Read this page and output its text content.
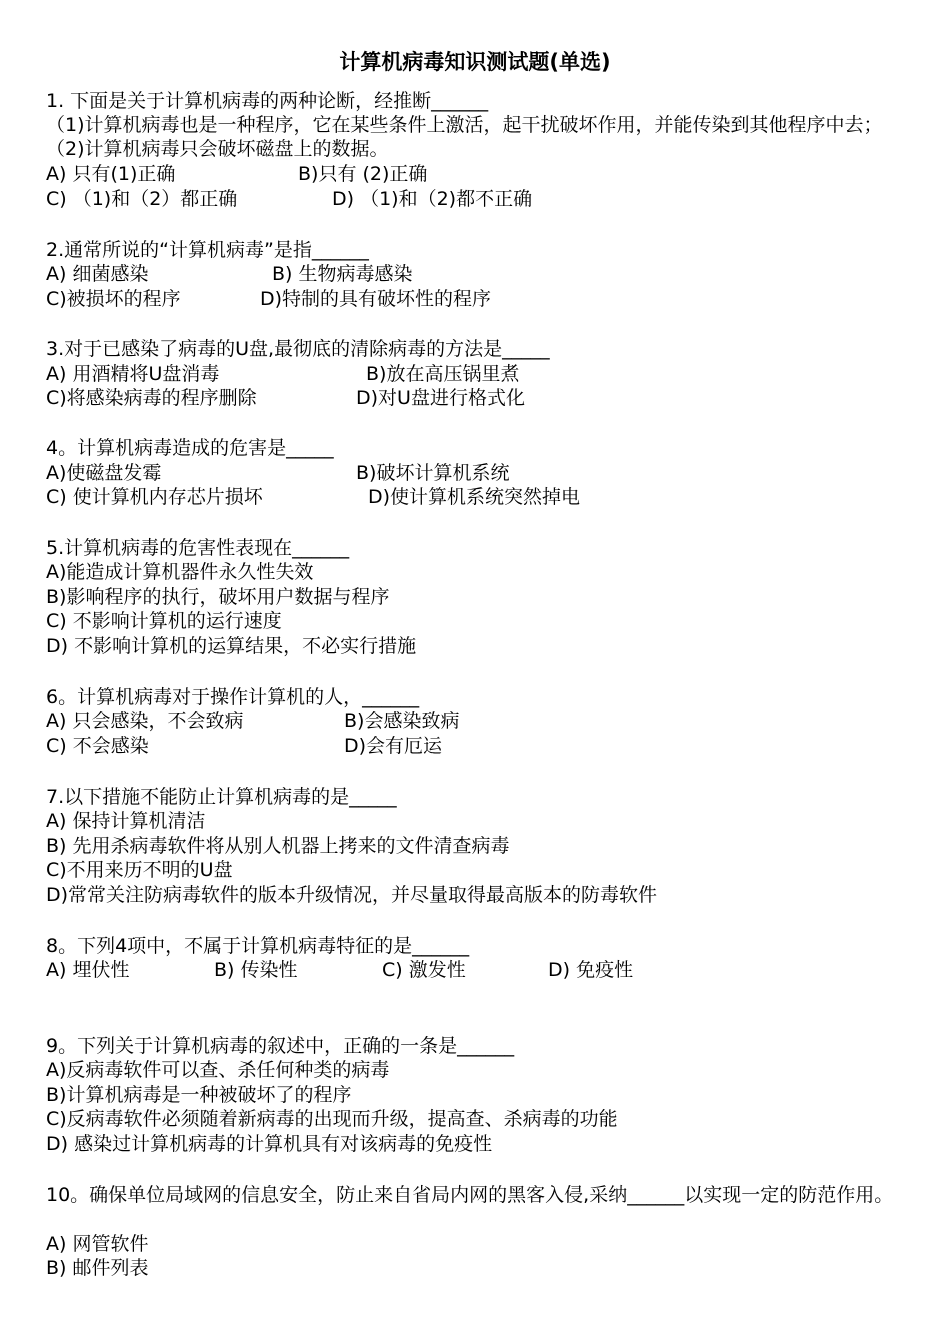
计算机病毒知识测试题(单选)
1. 下面是关于计算机病毒的两种论断，经推断______
（1)计算机病毒也是一种程序，它在某些条件上激活，起干扰破坏作用，并能传染到其他程序中去；（2)计算机病毒只会破坏磁盘上的数据。
A) 只有(1)正确	B)只有 (2)正确
C) （1)和（2）都正确	D) （1)和（2)都不正确
2.通常所说的“计算机病毒”是指______
A) 细菌感染	B) 生物病毒感染
C)被损坏的程序	D)特制的具有破坏性的程序
3.对于已感染了病毒的U盘,最彻底的清除病毒的方法是_____
A) 用酒精将U盘消毒	B)放在高压锅里煮
C)将感染病毒的程序删除	D)对U盘进行格式化
4。计算机病毒造成的危害是_____
A)使磁盘发霉	B)破坏计算机系统
C) 使计算机内存芯片损坏	D)使计算机系统突然掉电
5.计算机病毒的危害性表现在______
A)能造成计算机器件永久性失效
B)影响程序的执行，破坏用户数据与程序
C) 不影响计算机的运行速度
D) 不影响计算机的运算结果，不必实行措施
6。计算机病毒对于操作计算机的人，______
A) 只会感染，不会致病	B)会感染致病
C) 不会感染	D)会有厄运
7.以下措施不能防止计算机病毒的是_____
A) 保持计算机清洁
B) 先用杀病毒软件将从别人机器上拷来的文件清查病毒
C)不用来历不明的U盘
D)常常关注防病毒软件的版本升级情况，并尽量取得最高版本的防毒软件
8。下列4项中，不属于计算机病毒特征的是______
A) 埋伏性	B) 传染性	C) 激发性	D) 免疫性
9。下列关于计算机病毒的叙述中，正确的一条是______
A)反病毒软件可以查、杀任何种类的病毒
B)计算机病毒是一种被破坏了的程序
C)反病毒软件必须随着新病毒的出现而升级，提高查、杀病毒的功能
D) 感染过计算机病毒的计算机具有对该病毒的免疫性
10。确保单位局域网的信息安全，防止来自省局内网的黑客入侵,采纳______以实现一定的防范作用。
A) 网管软件
B) 邮件列表
